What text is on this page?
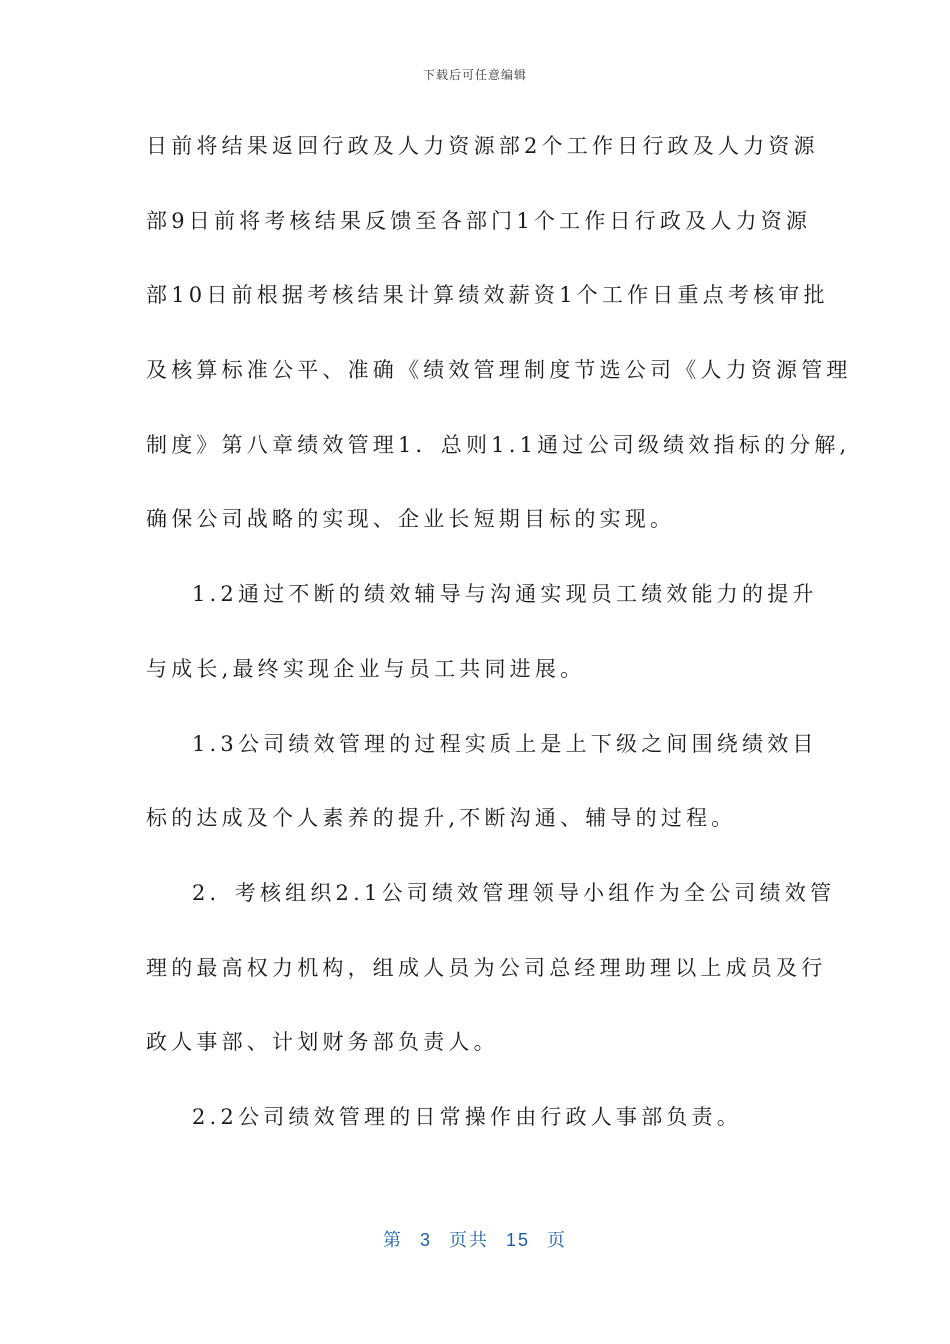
下载后可任意编辑
日前将结果返回行政及人力资源部2个工作日行政及人力资源
部9日前将考核结果反馈至各部门1个工作日行政及人力资源
部10日前根据考核结果计算绩效薪资1个工作日重点考核审批
及核算标准公平、准确《绩效管理制度节选公司《人力资源管理
制度》第八章绩效管理1．总则1.1通过公司级绩效指标的分解,
确保公司战略的实现、企业长短期目标的实现。
1.2通过不断的绩效辅导与沟通实现员工绩效能力的提升
与成长,最终实现企业与员工共同进展。
1.3公司绩效管理的过程实质上是上下级之间围绕绩效目
标的达成及个人素养的提升,不断沟通、辅导的过程。
2．考核组织2.1公司绩效管理领导小组作为全公司绩效管
理的最高权力机构，组成人员为公司总经理助理以上成员及行
政人事部、计划财务部负责人。
2.2公司绩效管理的日常操作由行政人事部负责。
第 3 页共 15 页
